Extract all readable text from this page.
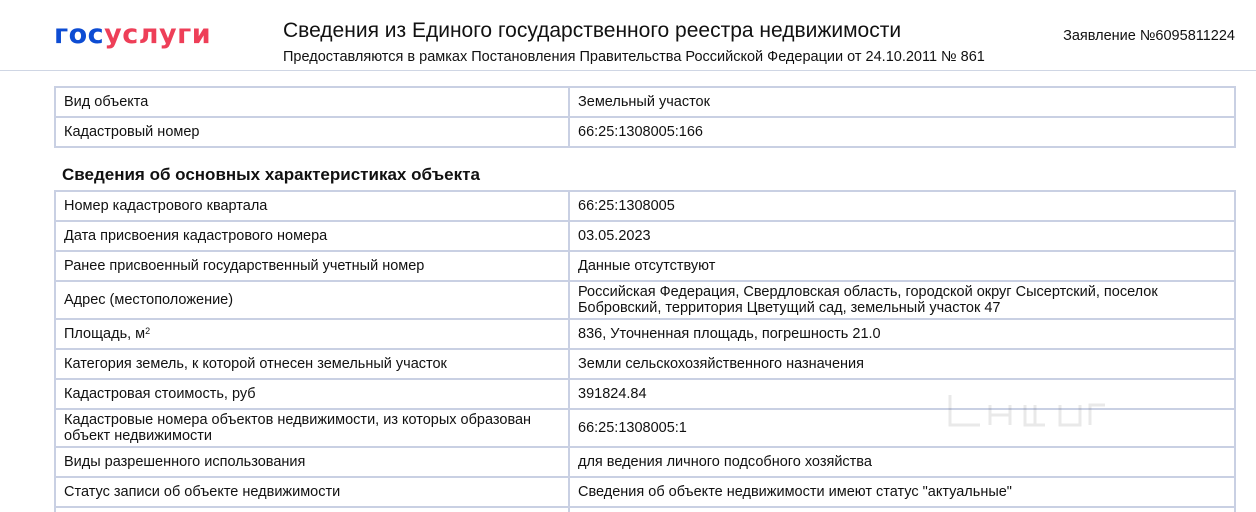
госуслуги	Сведения из Единого государственного реестра недвижимости
Предоставляются в рамках Постановления Правительства Российской Федерации от 24.10.2011 № 861
Заявление №6095811224
Вид объекта	Земельный участок
Кадастровый номер	66:25:1308005:166
Сведения об основных характеристиках объекта
Номер кадастрового квартала	66:25:1308005
Дата присвоения кадастрового номера	03.05.2023
Ранее присвоенный государственный учетный номер	Данные отсутствуют
Адрес (местоположение)	Российская Федерация, Свердловская область, городской округ Сысертский, поселок Бобровский, территория Цветущий сад, земельный участок 47
Площадь, $м^2$	836, Уточненная площадь, погрешность 21.0
Категория земель, к которой отнесен земельный участок	Земли сельскохозяйственного назначения
Кадастровая стоимость, руб	391824.84
Кадастровые номера объектов недвижимости, из которых образован объект недвижимости	66:25:1308005:1
Виды разрешенного использования	для ведения личного подсобного хозяйства
Статус записи об объекте недвижимости	Сведения об объекте недвижимости имеют статус "актуальные"
